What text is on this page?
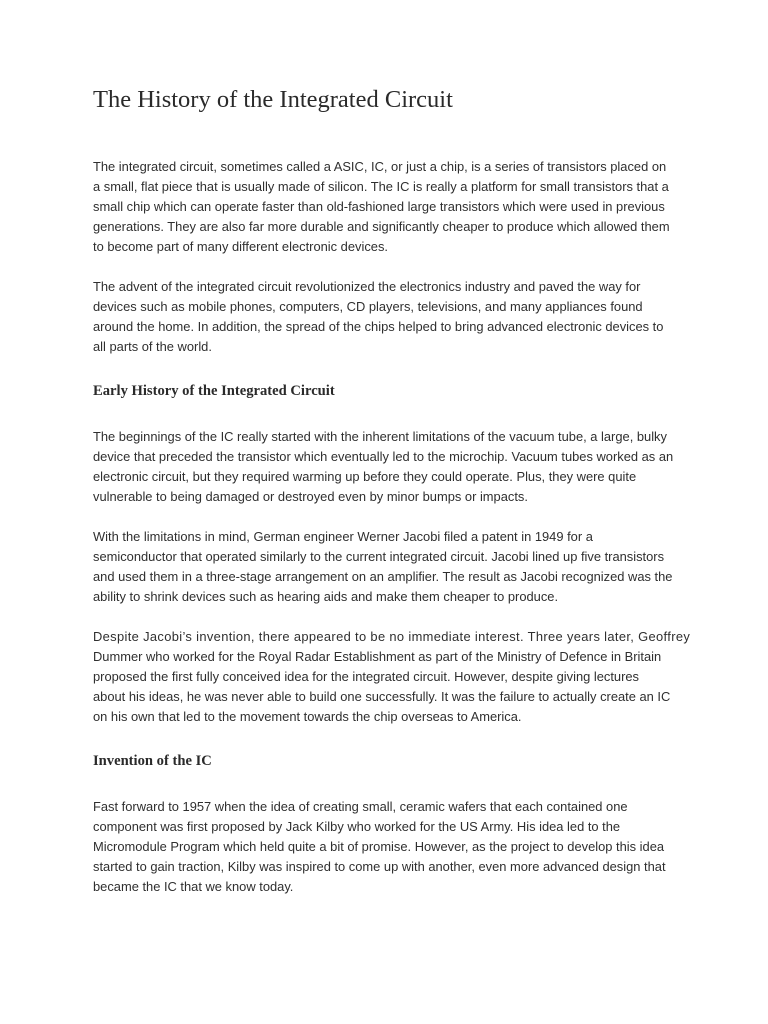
The History of the Integrated Circuit

The integrated circuit, sometimes called a ASIC, IC, or just a chip, is a series of transistors placed on
a small, flat piece that is usually made of silicon. The IC is really a platform for small transistors that a
small chip which can operate faster than old-fashioned large transistors which were used in previous
generations. They are also far more durable and significantly cheaper to produce which allowed them
to become part of many different electronic devices.

The advent of the integrated circuit revolutionized the electronics industry and paved the way for
devices such as mobile phones, computers, CD players, televisions, and many appliances found
around the home. In addition, the spread of the chips helped to bring advanced electronic devices to
all parts of the world.

Early History of the Integrated Circuit

The beginnings of the IC really started with the inherent limitations of the vacuum tube, a large, bulky
device that preceded the transistor which eventually led to the microchip. Vacuum tubes worked as an
electronic circuit, but they required warming up before they could operate. Plus, they were quite
vulnerable to being damaged or destroyed even by minor bumps or impacts.

With the limitations in mind, German engineer Werner Jacobi filed a patent in 1949 for a
semiconductor that operated similarly to the current integrated circuit. Jacobi lined up five transistors
and used them in a three-stage arrangement on an amplifier. The result as Jacobi recognized was the
ability to shrink devices such as hearing aids and make them cheaper to produce.

Despite Jacobi’s invention, there appeared to be no immediate interest. Three years later, Geoffrey
Dummer who worked for the Royal Radar Establishment as part of the Ministry of Defence in Britain
proposed the first fully conceived idea for the integrated circuit. However, despite giving lectures
about his ideas, he was never able to build one successfully. It was the failure to actually create an IC
on his own that led to the movement towards the chip overseas to America.

Invention of the IC

Fast forward to 1957 when the idea of creating small, ceramic wafers that each contained one
component was first proposed by Jack Kilby who worked for the US Army. His idea led to the
Micromodule Program which held quite a bit of promise. However, as the project to develop this idea
started to gain traction, Kilby was inspired to come up with another, even more advanced design that
became the IC that we know today.
